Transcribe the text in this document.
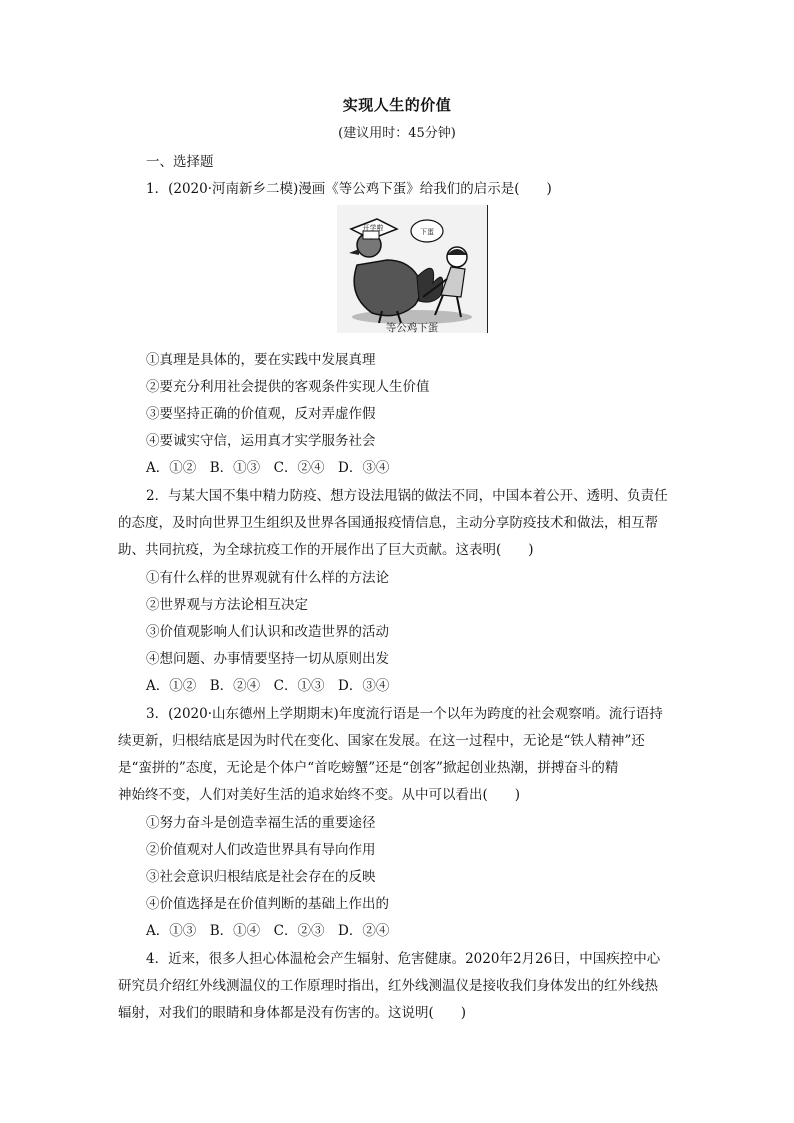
实现人生的价值
(建议用时：45分钟)
一、选择题
1．(2020·河南新乡二模)漫画《等公鸡下蛋》给我们的启示是(　　)
开学啦	下蛋
等公鸡下蛋
①真理是具体的，要在实践中发展真理
②要充分利用社会提供的客观条件实现人生价值
③要坚持正确的价值观，反对弄虚作假
④要诚实守信，运用真才实学服务社会
A．①②　B．①③　C．②④　D．③④
2．与某大国不集中精力防疫、想方设法甩锅的做法不同，中国本着公开、透明、负责任
的态度，及时向世界卫生组织及世界各国通报疫情信息，主动分享防疫技术和做法，相互帮
助、共同抗疫，为全球抗疫工作的开展作出了巨大贡献。这表明(　　)
①有什么样的世界观就有什么样的方法论
②世界观与方法论相互决定
③价值观影响人们认识和改造世界的活动
④想问题、办事情要坚持一切从原则出发
A．①②　B．②④　C．①③　D．③④
3．(2020·山东德州上学期期末)年度流行语是一个以年为跨度的社会观察哨。流行语持
续更新，归根结底是因为时代在变化、国家在发展。在这一过程中，无论是“铁人精神”还
是“蛮拼的”态度，无论是个体户“首吃螃蟹”还是“创客”掀起创业热潮，拼搏奋斗的精
神始终不变，人们对美好生活的追求始终不变。从中可以看出(　　)
①努力奋斗是创造幸福生活的重要途径
②价值观对人们改造世界具有导向作用
③社会意识归根结底是社会存在的反映
④价值选择是在价值判断的基础上作出的
A．①③　B．①④　C．②③　D．②④
4．近来，很多人担心体温枪会产生辐射、危害健康。2020年2月26日，中国疾控中心
研究员介绍红外线测温仪的工作原理时指出，红外线测温仪是接收我们身体发出的红外线热
辐射，对我们的眼睛和身体都是没有伤害的。这说明(　　)
